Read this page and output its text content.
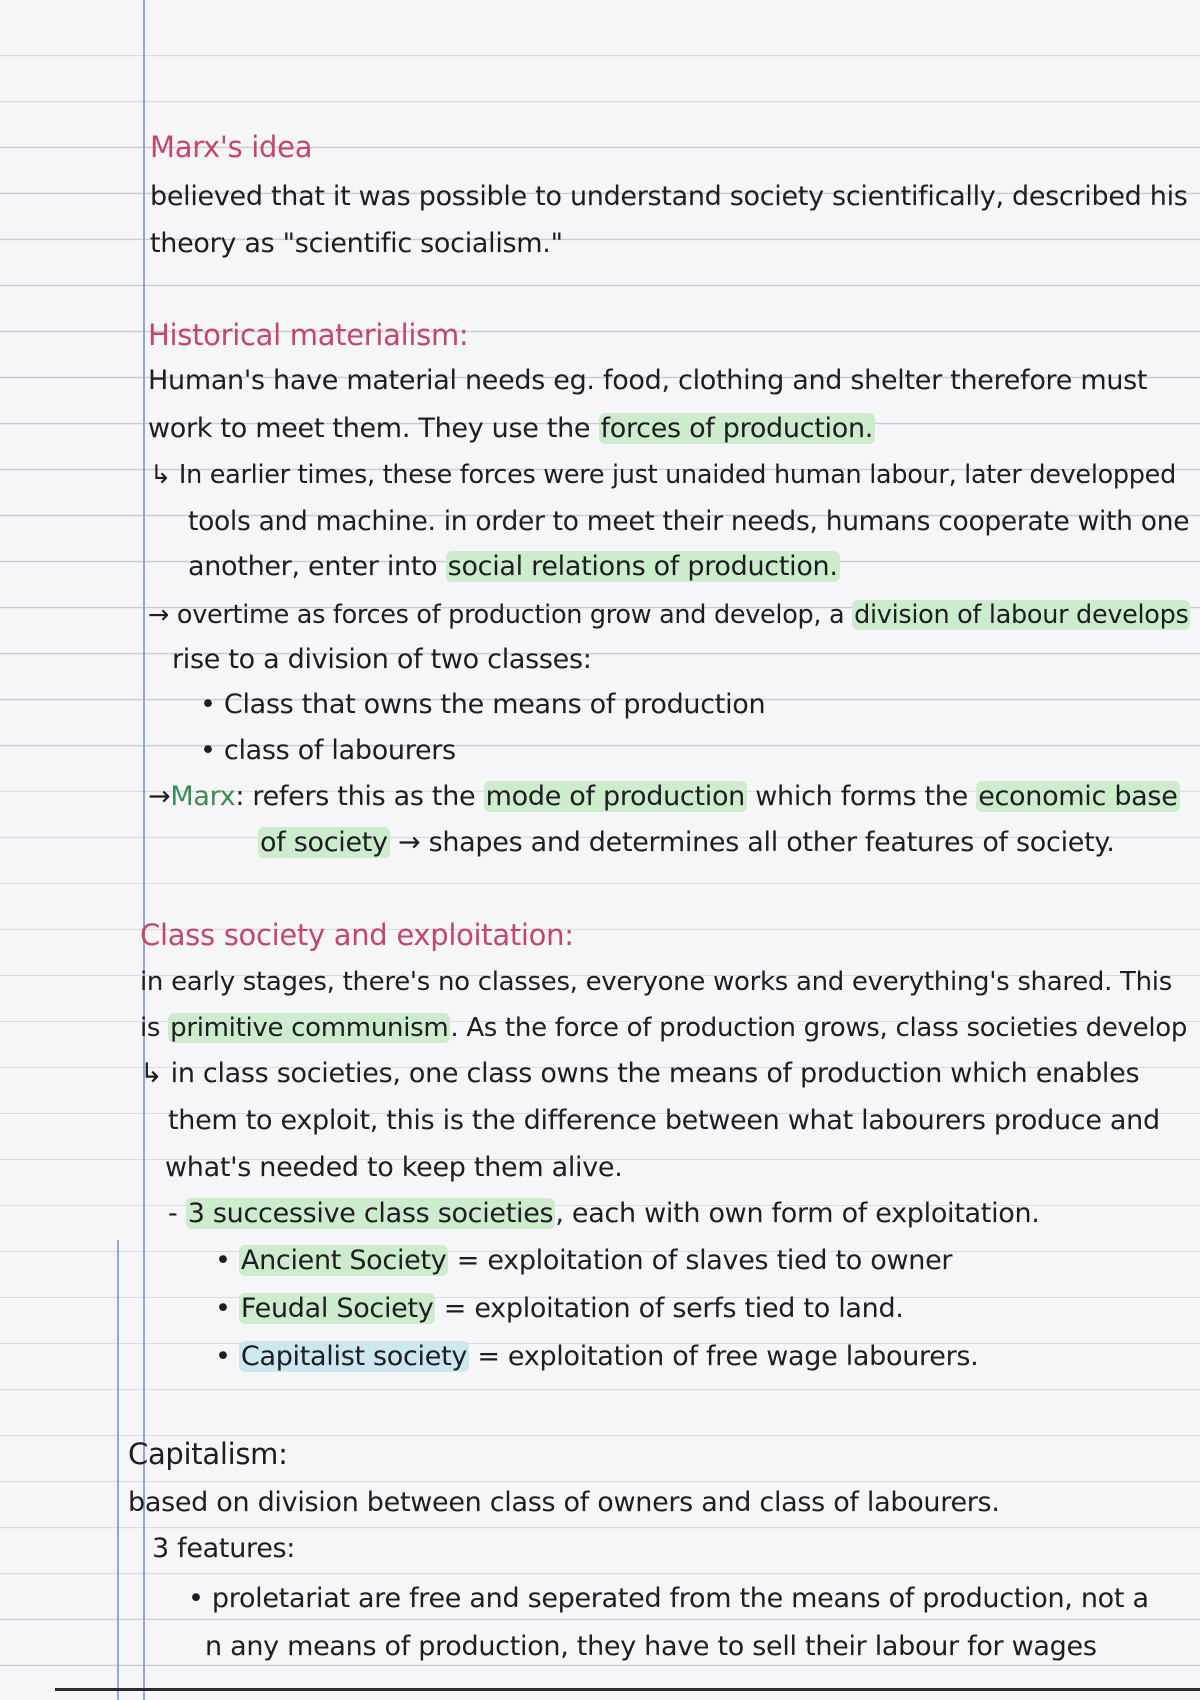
Marx's idea
believed that it was possible to understand society scientifically, described his
theory as "scientific socialism."
Historical materialism:
Human's have material needs eg. food, clothing and shelter therefore must
work to meet them. They use the forces of production.
↳ In earlier times, these forces were just unaided human labour, later developped
tools and machine. in order to meet their needs, humans cooperate with one
another, enter into social relations of production.
→ overtime as forces of production grow and develop, a division of labour develops
rise to a division of two classes:
• Class that owns the means of production
• class of labourers
→Marx: refers this as the mode of production which forms the economic base
of society → shapes and determines all other features of society.
Class society and exploitation:
in early stages, there's no classes, everyone works and everything's shared. This
is primitive communism. As the force of production grows, class societies develop
↳ in class societies, one class owns the means of production which enables
them to exploit, this is the difference between what labourers produce and
what's needed to keep them alive.
- 3 successive class societies, each with own form of exploitation.
• Ancient Society = exploitation of slaves tied to owner
• Feudal Society = exploitation of serfs tied to land.
• Capitalist society = exploitation of free wage labourers.
Capitalism:
based on division between class of owners and class of labourers.
3 features:
• proletariat are free and seperated from the means of production, not a
n any means of production, they have to sell their labour for wages
